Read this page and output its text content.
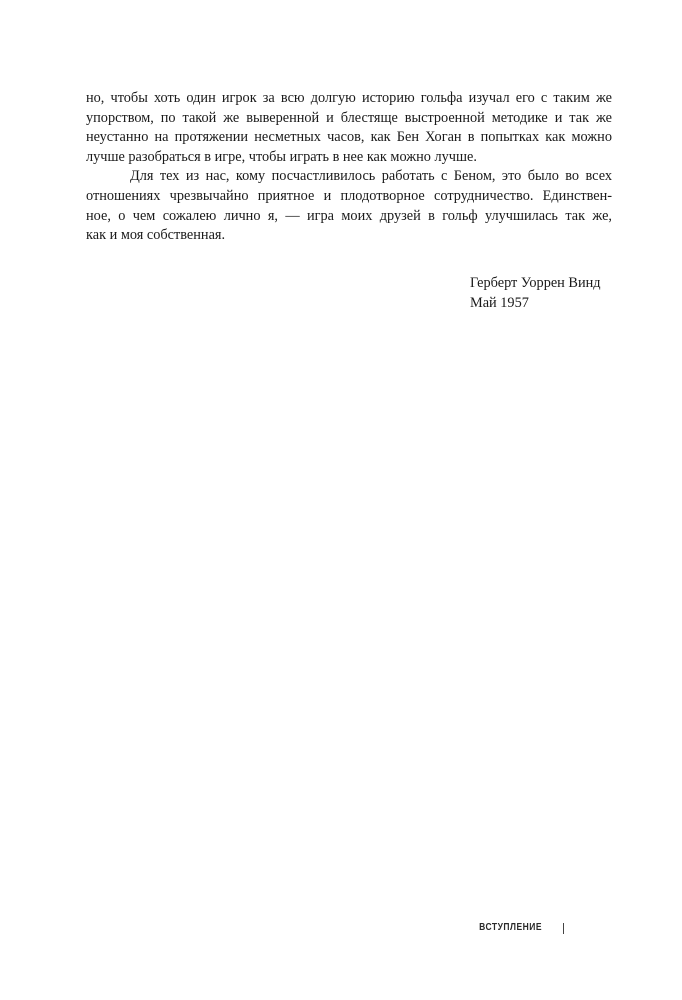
но, чтобы хоть один игрок за всю долгую историю гольфа изучал его с таким же
упорством, по такой же выверенной и блестяще выстроенной методике и так же
неустанно на протяжении несметных часов, как Бен Хоган в попытках как можно
лучше разобраться в игре, чтобы играть в нее как можно лучше.
Для тех из нас, кому посчастливилось работать с Беном, это было во всех
отношениях чрезвычайно приятное и плодотворное сотрудничество. Единствен-
ное, о чем сожалею лично я, — игра моих друзей в гольф улучшилась так же,
как и моя собственная.
Герберт Уоррен Винд
Май 1957
ВСТУПЛЕНИЕ
